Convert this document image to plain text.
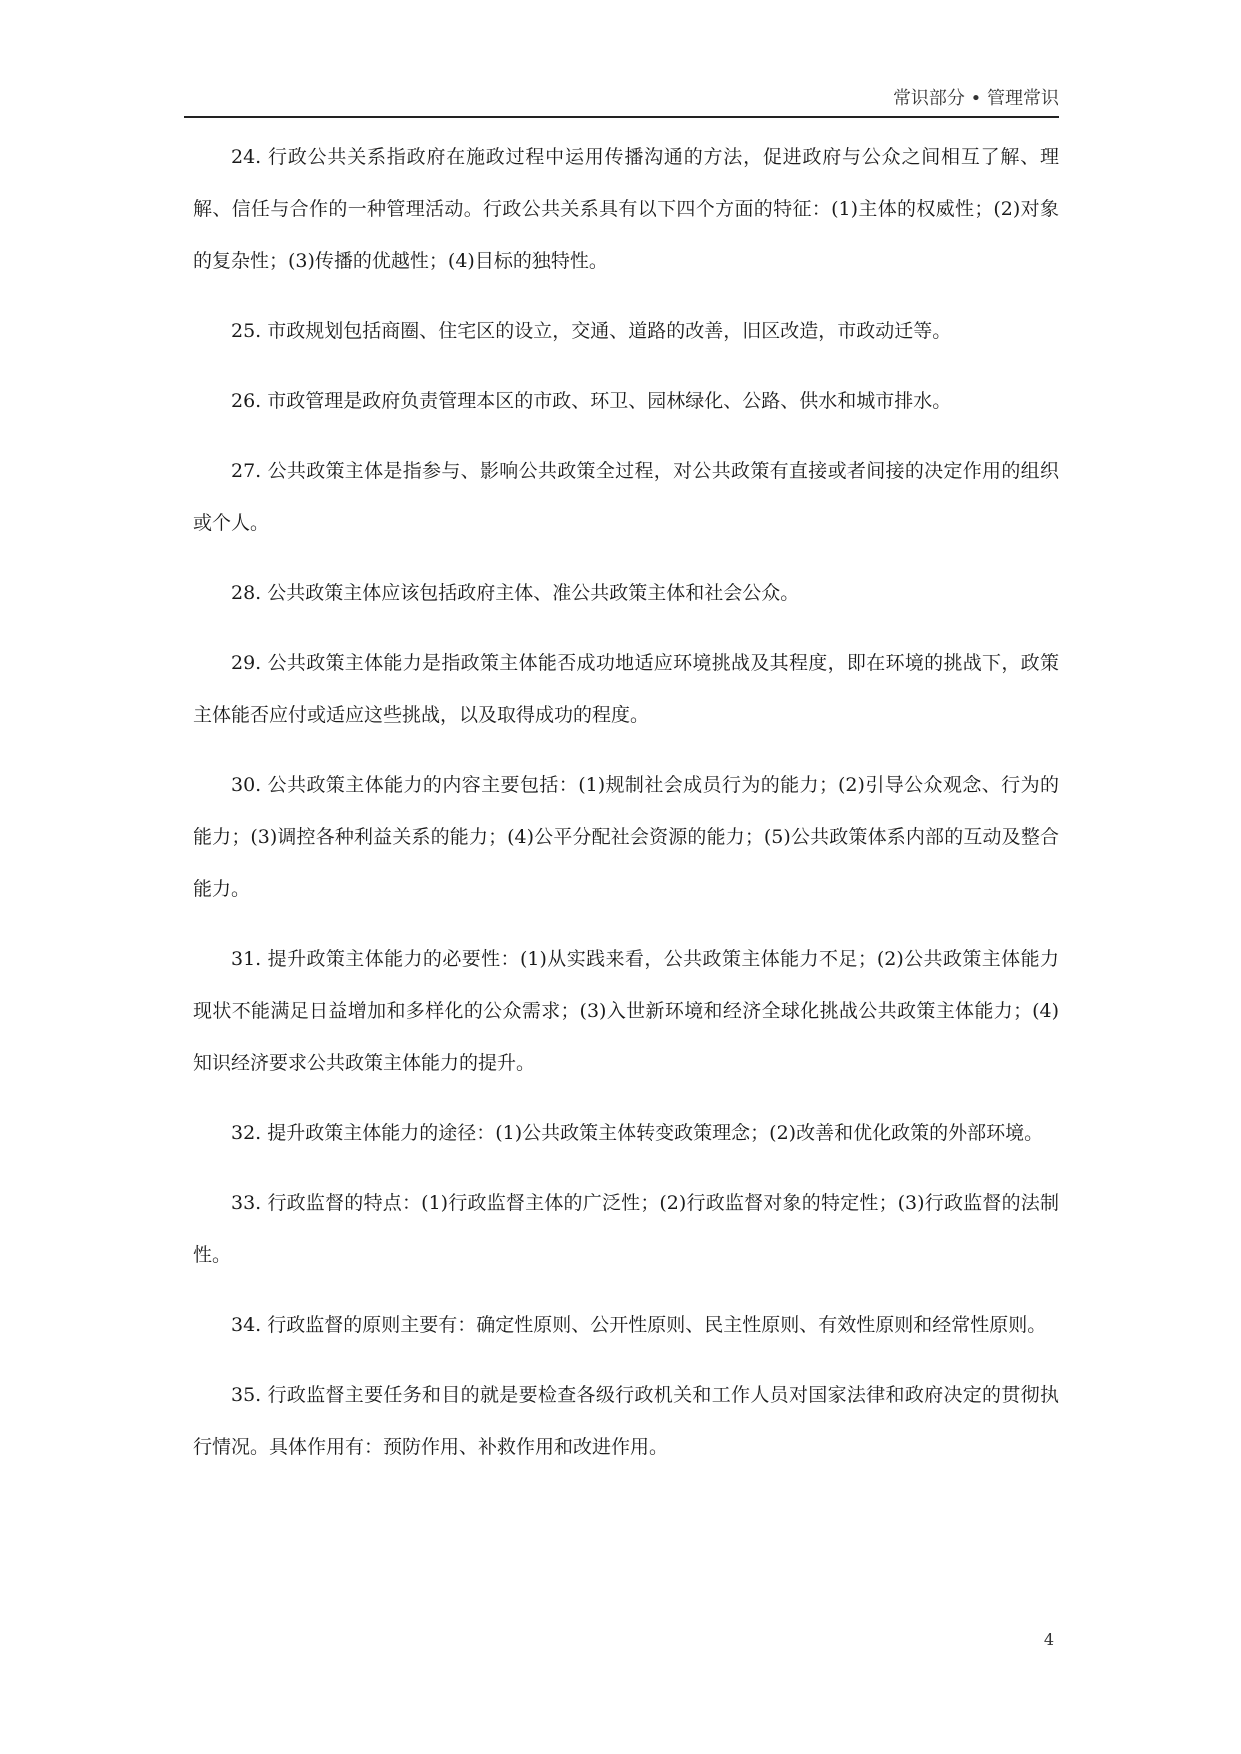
常识部分 • 管理常识

24. 行政公共关系指政府在施政过程中运用传播沟通的方法，促进政府与公众之间相互了解、理解、信任与合作的一种管理活动。行政公共关系具有以下四个方面的特征：(1)主体的权威性；(2)对象的复杂性；(3)传播的优越性；(4)目标的独特性。

25. 市政规划包括商圈、住宅区的设立，交通、道路的改善，旧区改造，市政动迁等。

26. 市政管理是政府负责管理本区的市政、环卫、园林绿化、公路、供水和城市排水。

27. 公共政策主体是指参与、影响公共政策全过程，对公共政策有直接或者间接的决定作用的组织或个人。

28. 公共政策主体应该包括政府主体、准公共政策主体和社会公众。

29. 公共政策主体能力是指政策主体能否成功地适应环境挑战及其程度，即在环境的挑战下，政策主体能否应付或适应这些挑战，以及取得成功的程度。

30. 公共政策主体能力的内容主要包括：(1)规制社会成员行为的能力；(2)引导公众观念、行为的能力；(3)调控各种利益关系的能力；(4)公平分配社会资源的能力；(5)公共政策体系内部的互动及整合能力。

31. 提升政策主体能力的必要性：(1)从实践来看，公共政策主体能力不足；(2)公共政策主体能力现状不能满足日益增加和多样化的公众需求；(3)入世新环境和经济全球化挑战公共政策主体能力；(4)知识经济要求公共政策主体能力的提升。

32. 提升政策主体能力的途径：(1)公共政策主体转变政策理念；(2)改善和优化政策的外部环境。

33. 行政监督的特点：(1)行政监督主体的广泛性；(2)行政监督对象的特定性；(3)行政监督的法制性。

34. 行政监督的原则主要有：确定性原则、公开性原则、民主性原则、有效性原则和经常性原则。

35. 行政监督主要任务和目的就是要检查各级行政机关和工作人员对国家法律和政府决定的贯彻执行情况。具体作用有：预防作用、补救作用和改进作用。

4
